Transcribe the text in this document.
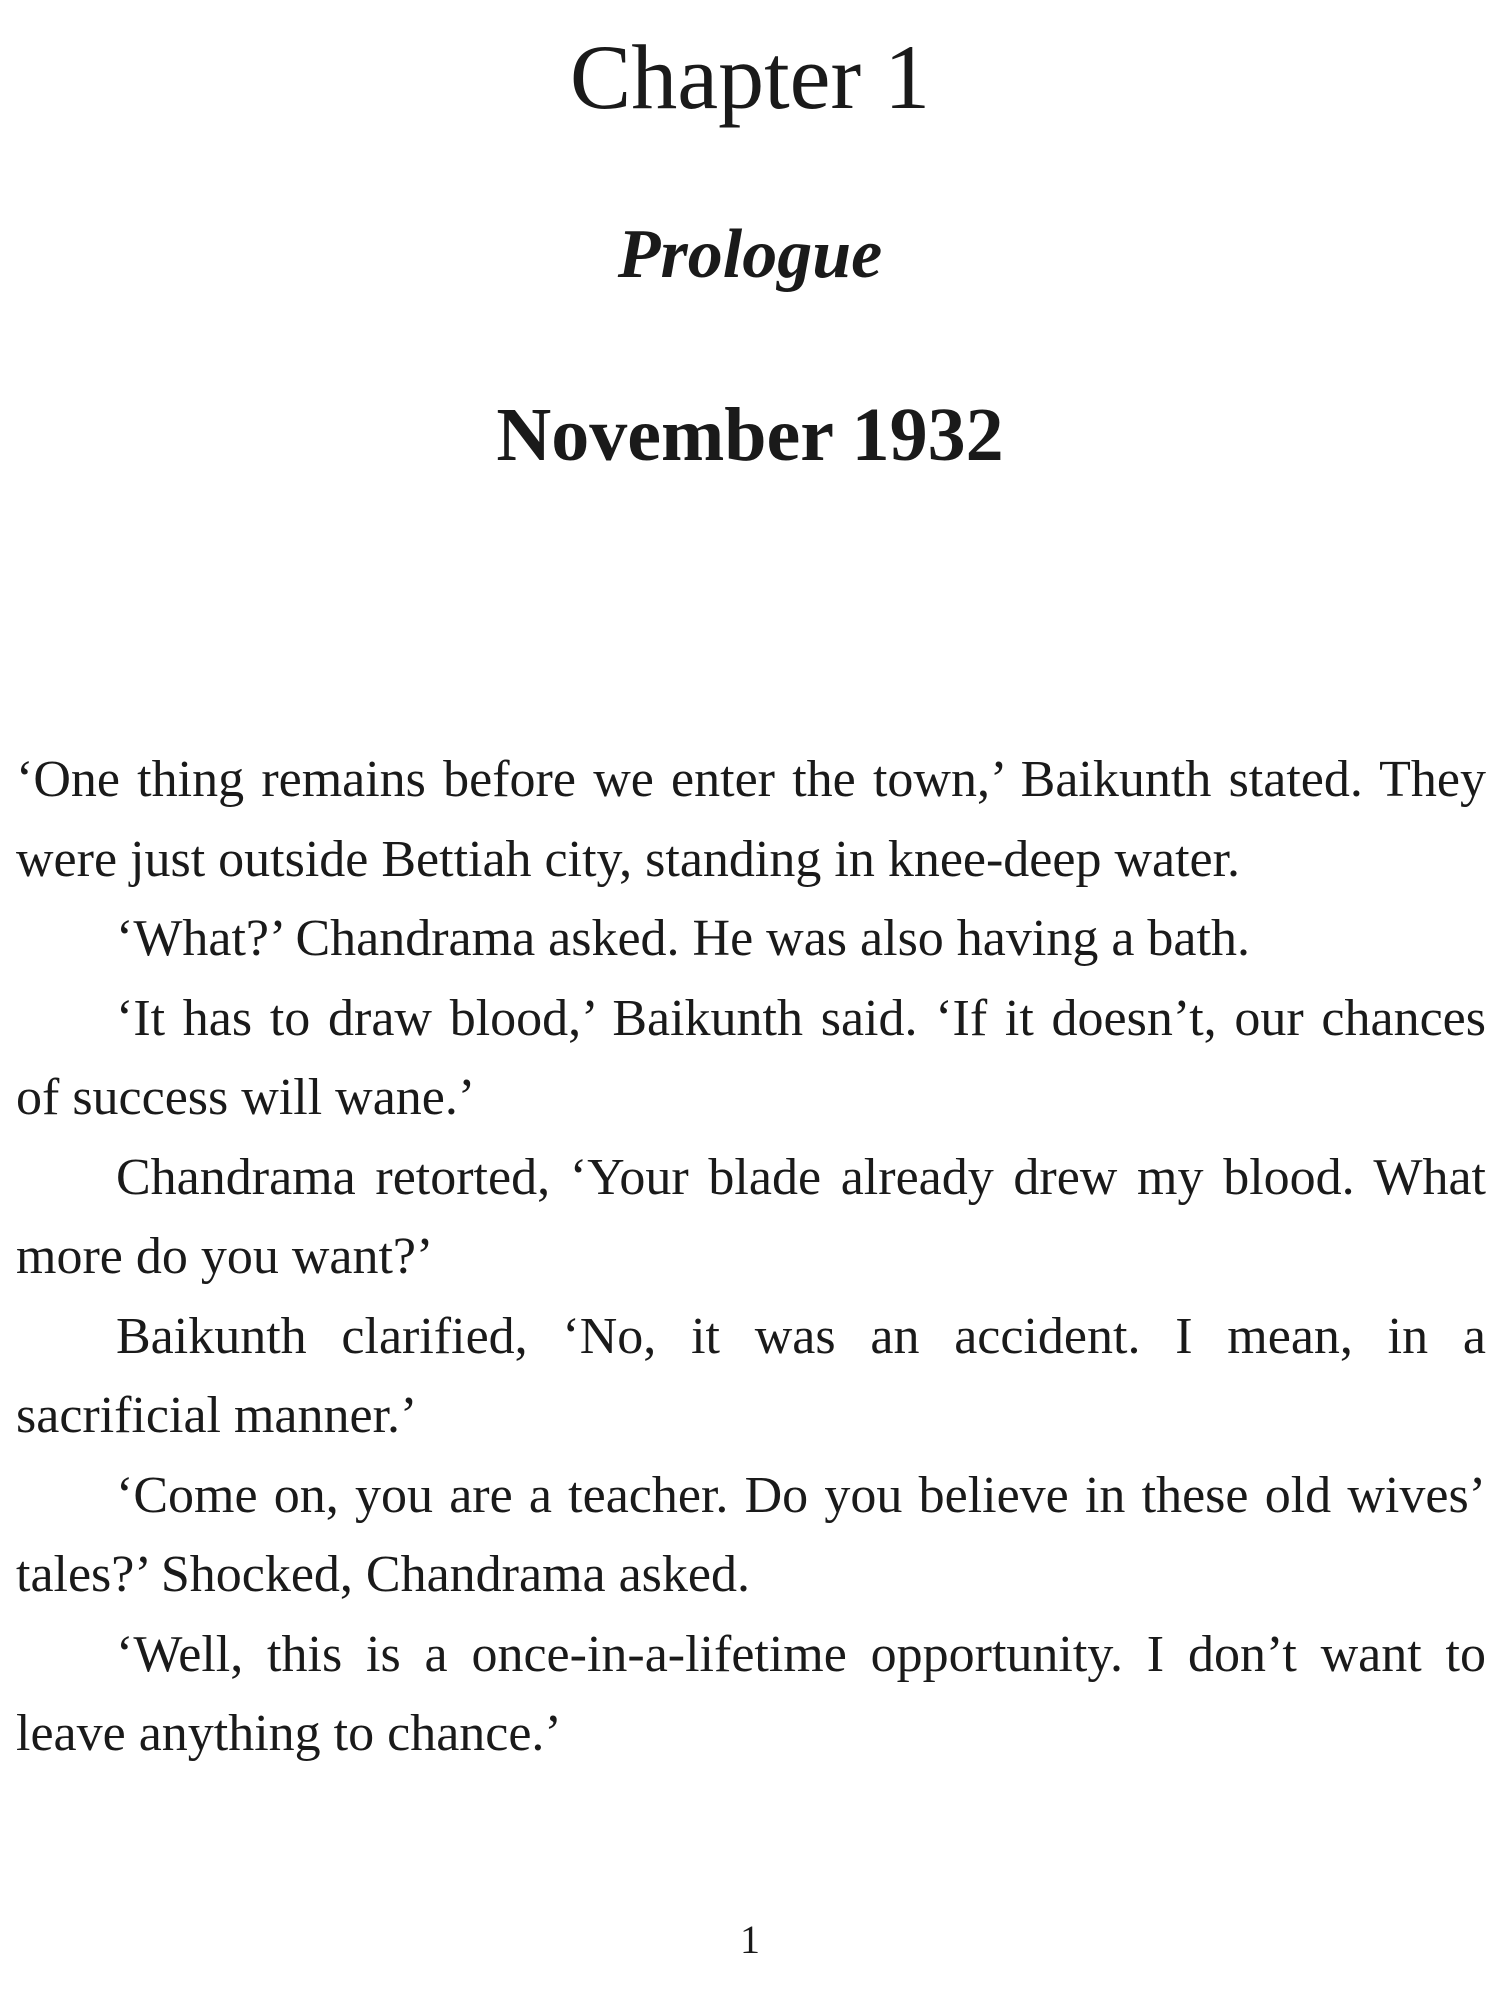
Chapter 1
Prologue
November 1932

‘One thing remains before we enter the town,’ Baikunth stated. They were just outside Bettiah city, standing in knee-deep water.

‘What?’ Chandrama asked. He was also having a bath.

‘It has to draw blood,’ Baikunth said. ‘If it doesn’t, our chances of success will wane.’

Chandrama retorted, ‘Your blade already drew my blood. What more do you want?’

Baikunth clarified, ‘No, it was an accident. I mean, in a sacrificial manner.’

‘Come on, you are a teacher. Do you believe in these old wives’ tales?’ Shocked, Chandrama asked.

‘Well, this is a once-in-a-lifetime opportunity. I don’t want to leave anything to chance.’

1
